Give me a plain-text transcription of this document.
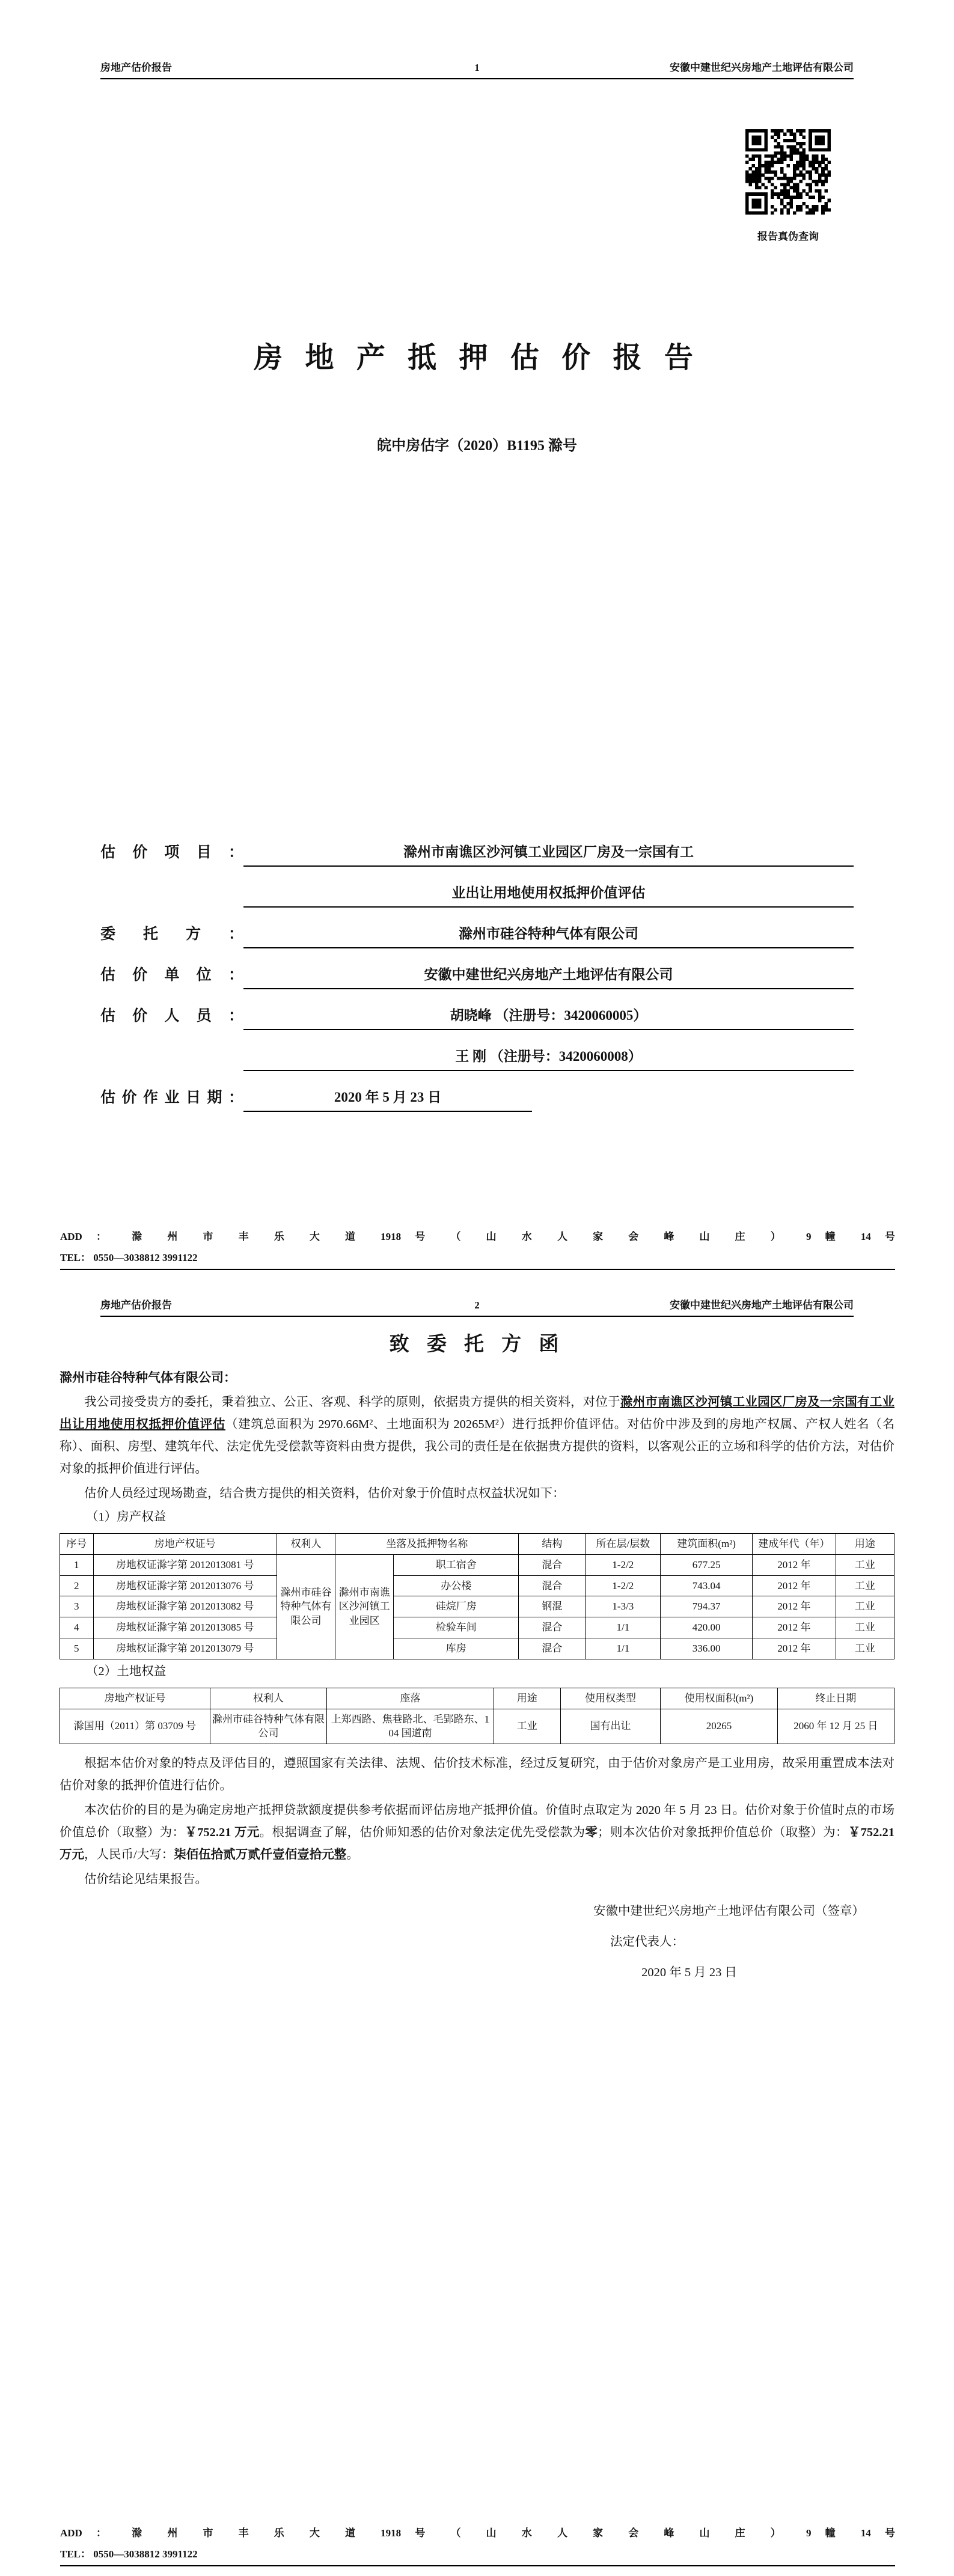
房地产估价报告	1	安徽中建世纪兴房地产土地评估有限公司
报告真伪查询
房 地 产 抵 押 估 价 报 告
皖中房估字（2020）B1195 滁号
估 价 项 目 ：	滁州市南谯区沙河镇工业园区厂房及一宗国有工
业出让用地使用权抵押价值评估
委 托 方 ：	滁州市硅谷特种气体有限公司
估 价 单 位 ：	安徽中建世纪兴房地产土地评估有限公司
估 价 人 员 ：	胡晓峰 （注册号：3420060005）
王 刚 （注册号：3420060008）
估价作业日期：	2020 年 5 月 23 日
ADD ： 滁 州 市 丰 乐 大 道 1918 号 （ 山 水 人 家 会 峰 山 庄 ） 9 幢 14 号
TEL： 0550—3038812 3991122
房地产估价报告	2	安徽中建世纪兴房地产土地评估有限公司
致 委 托 方 函

滁州市硅谷特种气体有限公司：

我公司接受贵方的委托，秉着独立、公正、客观、科学的原则，依据贵方提供的相关资料，对位于滁州市南谯区沙河镇工业园区厂房及一宗国有工业出让用地使用权抵押价值评估（建筑总面积为 2970.66M²、土地面积为 20265M²）进行抵押价值评估。对估价中涉及到的房地产权属、产权人姓名（名称）、面积、房型、建筑年代、法定优先受偿款等资料由贵方提供，我公司的责任是在依据贵方提供的资料，以客观公正的立场和科学的估价方法，对估价对象的抵押价值进行评估。

估价人员经过现场勘查，结合贵方提供的相关资料，估价对象于价值时点权益状况如下：

（1）房产权益

序号	房地产权证号	权利人	坐落及抵押物名称		结构	所在层/层数	建筑面积(m²)	建成年代（年）	用途
1	房地权证滁字第 2012013081 号	滁州市硅谷特种气体有限公司	滁州市南谯区沙河镇工业园区	职工宿舍	混合	1-2/2	677.25	2012 年	工业
2	房地权证滁字第 2012013076 号			办公楼	混合	1-2/2	743.04	2012 年	工业
3	房地权证滁字第 2012013082 号			硅烷厂房	钢混	1-3/3	794.37	2012 年	工业
4	房地权证滁字第 2012013085 号			检验车间	混合	1/1	420.00	2012 年	工业
5	房地权证滁字第 2012013079 号			库房	混合	1/1	336.00	2012 年	工业

（2）土地权益

房地产权证号	权利人	座落	用途	使用权类型	使用权面积(m²)	终止日期
滁国用（2011）第 03709 号	滁州市硅谷特种气体有限公司	上郑西路、焦巷路北、毛郢路东、104 国道南	工业	国有出让	20265	2060 年 12 月 25 日

根据本估价对象的特点及评估目的，遵照国家有关法律、法规、估价技术标准，经过反复研究，由于估价对象房产是工业用房，故采用重置成本法对估价对象的抵押价值进行估价。

本次估价的目的是为确定房地产抵押贷款额度提供参考依据而评估房地产抵押价值。价值时点取定为 2020 年 5 月 23 日。估价对象于价值时点的市场价值总价（取整）为：￥752.21 万元。根据调查了解，估价师知悉的估价对象法定优先受偿款为零；则本次估价对象抵押价值总价（取整）为：￥752.21 万元，人民币/大写：柒佰伍拾贰万贰仟壹佰壹拾元整。

估价结论见结果报告。

安徽中建世纪兴房地产土地评估有限公司（签章）
法定代表人：
2020 年 5 月 23 日
ADD ： 滁 州 市 丰 乐 大 道 1918 号 （ 山 水 人 家 会 峰 山 庄 ） 9 幢 14 号
TEL： 0550—3038812 3991122
